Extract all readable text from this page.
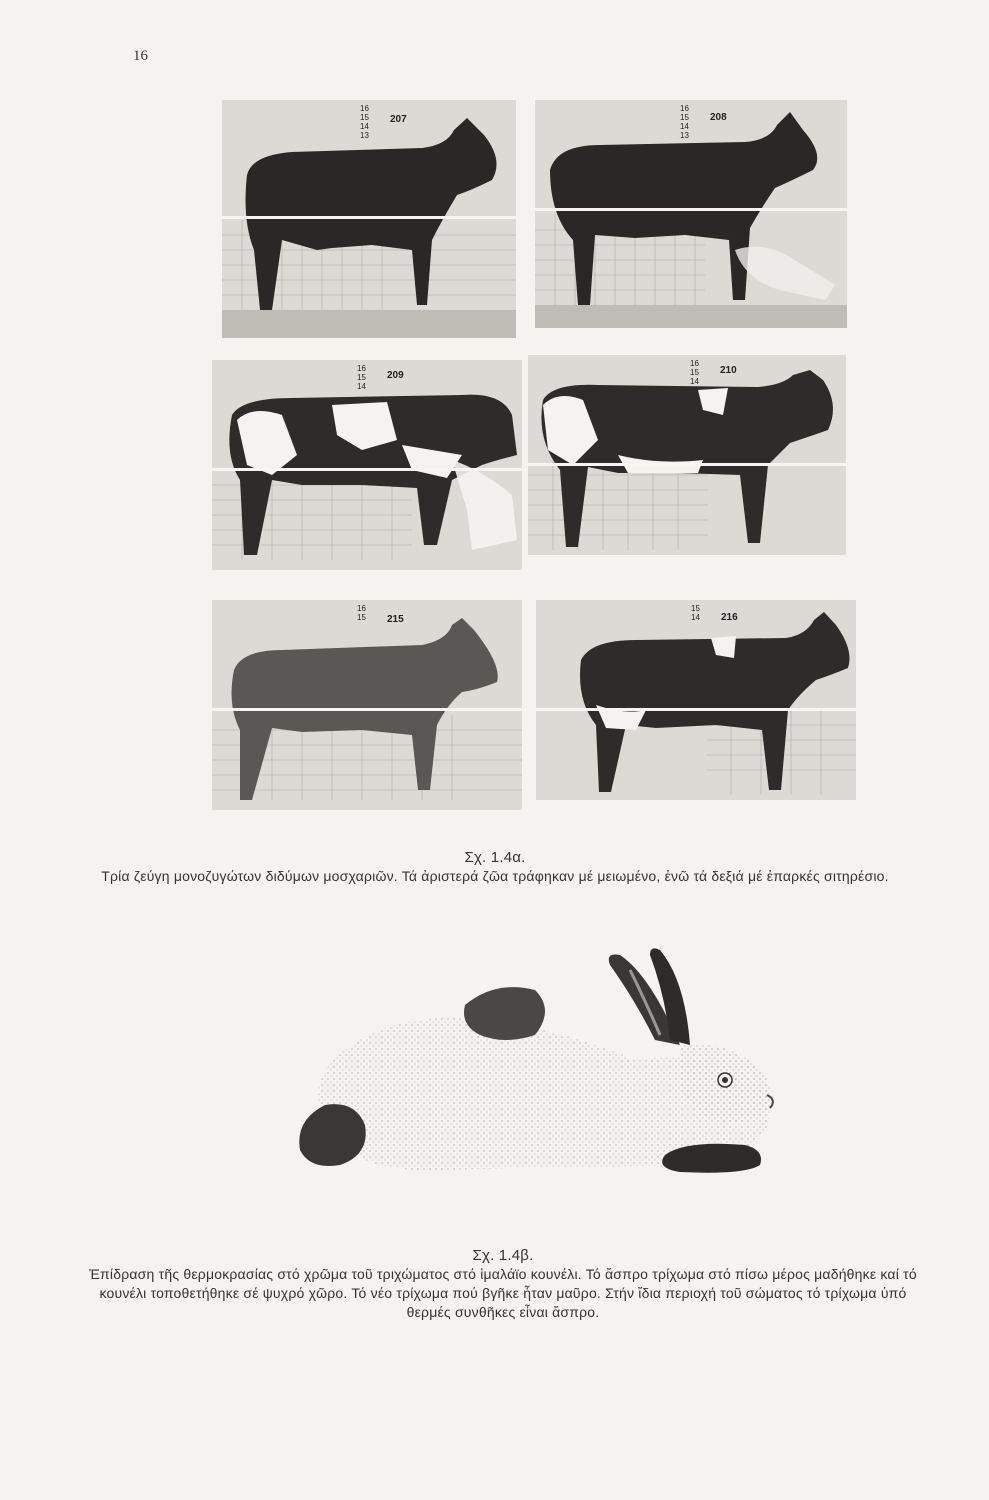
16
207
16
15
14
13
208
16
15
14
13
209
16
15
14
210
16
15
14
215
16
15	216
15
14
Σχ. 1.4α.
Τρία ζεύγη μονοζυγώτων διδύμων μοσχαριῶν. Τά ἀριστερά ζῶα τράφηκαν μέ μειωμένο, ἐνῶ τά δεξιά μέ ἐπαρκές σιτηρέσιο.
Σχ. 1.4β.
Ἐπίδραση τῆς θερμοκρασίας στό χρῶμα τοῦ τριχώματος στό ἱμαλάϊο κουνέλι. Τό ἄσπρο τρίχωμα στό πίσω μέρος μαδήθηκε καί τό κουνέλι τοποθετήθηκε σέ ψυχρό χῶρο. Τό νέο τρίχωμα πού βγῆκε ἦταν μαῦρο. Στήν ἴδια περιοχή τοῦ σώματος τό τρίχωμα ὑπό θερμές συνθῆκες εἶναι ἄσπρο.
